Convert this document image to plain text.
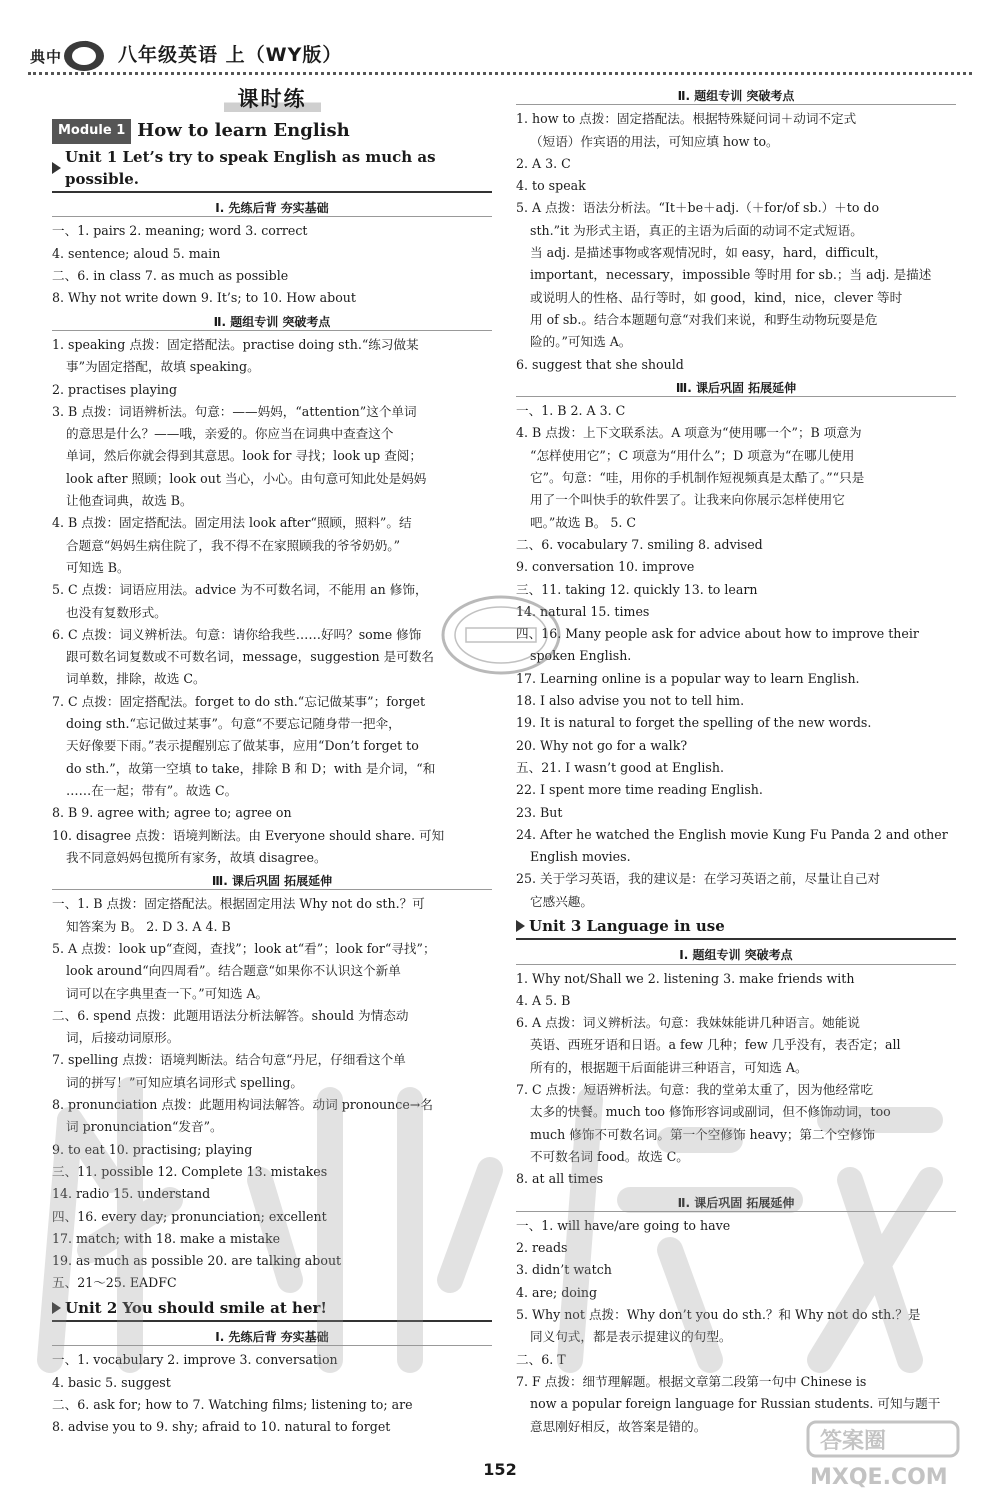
典 中	八年级英语 上（WY版）
课时练
Module 1 How to learn English
Unit 1 Let’s try to speak English as much as possible.
Ⅰ. 先练后背 夯实基础
一、1. pairs 2. meaning; word 3. correct
4. sentence; aloud 5. main
二、6. in class 7. as much as possible
8. Why not write down 9. It’s; to 10. How about
Ⅱ. 题组专训 突破考点
1. speaking 点拨：固定搭配法。practise doing sth.“练习做某
事”为固定搭配，故填 speaking。
2. practises playing
3. B 点拨：词语辨析法。句意：——妈妈，“attention”这个单词
的意思是什么？——哦，亲爱的。你应当在词典中查查这个
单词，然后你就会得到其意思。look for 寻找；look up 查阅；
look after 照顾；look out 当心，小心。由句意可知此处是妈妈
让他查词典，故选 B。
4. B 点拨：固定搭配法。固定用法 look after“照顾，照料”。结
合题意“妈妈生病住院了，我不得不在家照顾我的爷爷奶奶。”
可知选 B。
5. C 点拨：词语应用法。advice 为不可数名词，不能用 an 修饰，
也没有复数形式。
6. C 点拨：词义辨析法。句意：请你给我些……好吗？some 修饰
跟可数名词复数或不可数名词，message，suggestion 是可数名
词单数，排除，故选 C。
7. C 点拨：固定搭配法。forget to do sth.“忘记做某事”；forget
doing sth.“忘记做过某事”。句意“不要忘记随身带一把伞，
天好像要下雨。”表示提醒别忘了做某事，应用“Don’t forget to
do sth.”，故第一空填 to take，排除 B 和 D；with 是介词，“和
……在一起；带有”。故选 C。
8. B 9. agree with; agree to; agree on
10. disagree 点拨：语境判断法。由 Everyone should share. 可知
我不同意妈妈包揽所有家务，故填 disagree。
Ⅲ. 课后巩固 拓展延伸
一、1. B 点拨：固定搭配法。根据固定用法 Why not do sth.？可
知答案为 B。 2. D 3. A 4. B
5. A 点拨：look up“查阅，查找”；look at“看”；look for“寻找”；
look around“向四周看”。结合题意“如果你不认识这个新单
词可以在字典里查一下。”可知选 A。
二、6. spend 点拨：此题用语法分析法解答。should 为情态动
词，后接动词原形。
7. spelling 点拨：语境判断法。结合句意“丹尼，仔细看这个单
词的拼写！”可知应填名词形式 spelling。
8. pronunciation 点拨：此题用构词法解答。动词 pronounce→名
词 pronunciation“发音”。
9. to eat 10. practising; playing
三、11. possible 12. Complete 13. mistakes
14. radio 15. understand
四、16. every day; pronunciation; excellent
17. match; with 18. make a mistake
19. as much as possible 20. are talking about
五、21～25. EADFC
Unit 2 You should smile at her!
Ⅰ. 先练后背 夯实基础
一、1. vocabulary 2. improve 3. conversation
4. basic 5. suggest
二、6. ask for; how to 7. Watching films; listening to; are
8. advise you to 9. shy; afraid to 10. natural to forget
Ⅱ. 题组专训 突破考点
1. how to 点拨：固定搭配法。根据特殊疑问词＋动词不定式
（短语）作宾语的用法，可知应填 how to。
2. A 3. C
4. to speak
5. A 点拨：语法分析法。“It＋be＋adj.（＋for/of sb.）＋to do
sth.”it 为形式主语，真正的主语为后面的动词不定式短语。
当 adj. 是描述事物或客观情况时，如 easy，hard，difficult，
important，necessary，impossible 等时用 for sb.；当 adj. 是描述
或说明人的性格、品行等时，如 good，kind，nice，clever 等时
用 of sb.。结合本题题句意“对我们来说，和野生动物玩耍是危
险的。”可知选 A。
6. suggest that she should
Ⅲ. 课后巩固 拓展延伸
一、1. B 2. A 3. C
4. B 点拨：上下文联系法。A 项意为“使用哪一个”；B 项意为
“怎样使用它”；C 项意为“用什么”；D 项意为“在哪儿使用
它”。句意：“哇，用你的手机制作短视频真是太酷了。”“只是
用了一个叫快手的软件罢了。让我来向你展示怎样使用它
吧。”故选 B。 5. C
二、6. vocabulary 7. smiling 8. advised
9. conversation 10. improve
三、11. taking 12. quickly 13. to learn
14. natural 15. times
四、16. Many people ask for advice about how to improve their
spoken English.
17. Learning online is a popular way to learn English.
18. I also advise you not to tell him.
19. It is natural to forget the spelling of the new words.
20. Why not go for a walk?
五、21. I wasn’t good at English.
22. I spent more time reading English.
23. But
24. After he watched the English movie Kung Fu Panda 2 and other
English movies.
25. 关于学习英语，我的建议是：在学习英语之前，尽量让自己对
它感兴趣。
Unit 3 Language in use
Ⅰ. 题组专训 突破考点
1. Why not/Shall we 2. listening 3. make friends with
4. A 5. B
6. A 点拨：词义辨析法。句意：我妹妹能讲几种语言。她能说
英语、西班牙语和日语。a few 几种；few 几乎没有，表否定；all
所有的，根据题干后面能讲三种语言，可知选 A。
7. C 点拨：短语辨析法。句意：我的堂弟太重了，因为他经常吃
太多的快餐。much too 修饰形容词或副词，但不修饰动词，too
much 修饰不可数名词。第一个空修饰 heavy；第二个空修饰
不可数名词 food。故选 C。
8. at all times
Ⅱ. 课后巩固 拓展延伸
一、1. will have/are going to have
2. reads
3. didn’t watch
4. are; doing
5. Why not 点拨：Why don’t you do sth.？和 Why not do sth.？是
同义句式，都是表示提建议的句型。
二、6. T
7. F 点拨：细节理解题。根据文章第二段第一句中 Chinese is
now a popular foreign language for Russian students. 可知与题干
意思刚好相反，故答案是错的。
答案圈
MXQE.COM
152
